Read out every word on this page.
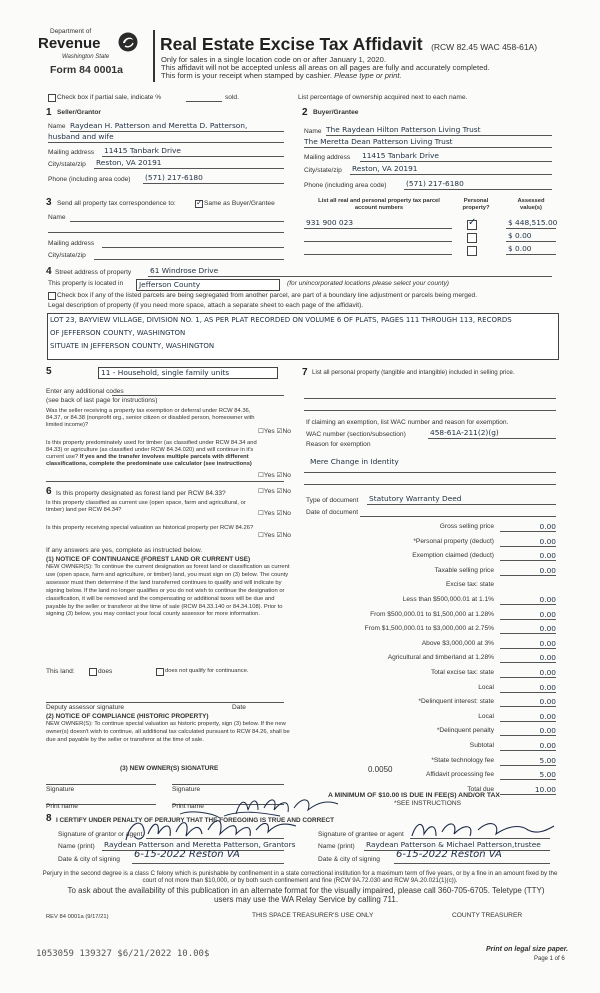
Department of
Revenue
Washington State
Form 84 0001a
Real Estate Excise Tax Affidavit (RCW 82.45 WAC 458-61A)
Only for sales in a single location code on or after January 1, 2020.
This affidavit will not be accepted unless all areas on all pages are fully and accurately completed.
This form is your receipt when stamped by cashier. Please type or print.
Check box if partial sale, indicate %	sold.	List percentage of ownership acquired next to each name.
1 Seller/Grantor
Name Raydean H. Patterson and Meretta D. Patterson,
husband and wife
Mailing address 11415 Tanbark Drive
City/state/zip Reston, VA 20191
Phone (including area code) (571) 217-6180
2 Buyer/Grantee
Name The Raydean Hilton Patterson Living Trust
The Meretta Dean Patterson Living Trust
Mailing address 11415 Tanbark Drive
City/state/zip Reston, VA 20191
Phone (including area code)	(571) 217-6180
3 Send all property tax correspondence to:	✓ Same as Buyer/Grantee
Name
Mailing address
City/state/zip
List all real and personal property tax parcel account numbers
Personal property?
Assessed value(s)
931 900 023	✓	$ 448,515.00
$ 0.00
$ 0.00
4 Street address of property	61 Windrose Drive
This property is located in Jefferson County	(for unincorporated locations please select your county)
Check box if any of the listed parcels are being segregated from another parcel, are part of a boundary line adjustment or parcels being merged.
Legal description of property (if you need more space, attach a separate sheet to each page of the affidavit).
LOT 23, BAYVIEW VILLAGE, DIVISION NO. 1, AS PER PLAT RECORDED ON VOLUME 6 OF PLATS, PAGES 111 THROUGH 113, RECORDS
OF JEFFERSON COUNTY, WASHINGTON
SITUATE IN JEFFERSON COUNTY, WASHINGTON
5	11 - Household, single family units
Enter any additional codes
(see back of last page for instructions)
Was the seller receiving a property tax exemption or deferral under RCW 84.36, 84.37, or 84.38 (nonprofit org., senior citizen or disabled person, homeowner with limited income)?
☐Yes ☑No
Is this property predominately used for timber (as classified under RCW 84.34 and 84.33) or agriculture (as classified under RCW 84.34.020) and will continue in it's current use? If yes and the transfer involves multiple parcels with different classifications, complete the predominate use calculator (see instructions)
☐Yes ☑No
6 Is this property designated as forest land per RCW 84.33?	☐Yes ☑No
Is this property classified as current use (open space, farm and agricultural, or timber) land per RCW 84.34?	☐Yes ☑No
Is this property receiving special valuation as historical property per RCW 84.26?
☐Yes ☑No
If any answers are yes, complete as instructed below.
(1) NOTICE OF CONTINUANCE (FOREST LAND OR CURRENT USE)
NEW OWNER(S): To continue the current designation as forest land or classification as current use (open space, farm and agriculture, or timber) land, you must sign on (3) below. The county assessor must then determine if the land transferred continues to qualify and will indicate by signing below. If the land no longer qualifies or you do not wish to continue the designation or classification, it will be removed and the compensating or additional taxes will be due and payable by the seller or transferor at the time of sale (RCW 84.33.140 or 84.34.108). Prior to signing (3) below, you may contact your local county assessor for more information.
This land:	does	does not qualify for continuance.
Deputy assessor signature	Date
(2) NOTICE OF COMPLIANCE (HISTORIC PROPERTY)
NEW OWNER(S): To continue special valuation as historic property, sign (3) below. If the new owner(s) doesn't wish to continue, all additional tax calculated pursuant to RCW 84.26, shall be due and payable by the seller or transferor at the time of sale.
(3) NEW OWNER(S) SIGNATURE
Signature	Signature
Print name	Print name
7 List all personal property (tangible and intangible) included in selling price.
If claiming an exemption, list WAC number and reason for exemption.
WAC number (section/subsection)	458-61A-211(2)(g)
Reason for exemption
Mere Change in Identity
Type of document Statutory Warranty Deed
Date of document
Gross selling price	0.00
*Personal property (deduct)	0.00
Exemption claimed (deduct)	0.00
Taxable selling price	0.00
Excise tax: state
Less than $500,000.01 at 1.1%	0.00
From $500,000.01 to $1,500,000 at 1.28%	0.00
From $1,500,000.01 to $3,000,000 at 2.75%	0.00
Above $3,000,000 at 3%	0.00
Agricultural and timberland at 1.28%	0.00
Total excise tax: state	0.00
Local	0.00
*Delinquent interest: state	0.00
Local	0.00
*Delinquent penalty	0.00
Subtotal	0.00
*State technology fee	5.00
Affidavit processing fee	5.00
Total due	10.00
0.0050
A MINIMUM OF $10.00 IS DUE IN FEE(S) AND/OR TAX
*SEE INSTRUCTIONS
8 I CERTIFY UNDER PENALTY OF PERJURY THAT THE FOREGOING IS TRUE AND CORRECT
Signature of grantor or agent	Signature of grantee or agent
Name (print) Raydean Patterson and Meretta Patterson, Grantors	Name (print) Raydean Patterson & Michael Patterson,trustee
Date & city of signing 6-15-2022 Reston VA	Date & city of signing 6-15-2022 Reston VA
Perjury in the second degree is a class C felony which is punishable by confinement in a state correctional institution for a maximum term of five years, or by a fine in an amount fixed by the court of not more than $10,000, or by both such confinement and fine (RCW 9A.72.030 and RCW 9A.20.021(1)(c)).
To ask about the availability of this publication in an alternate format for the visually impaired, please call 360-705-6705. Teletype (TTY) users may use the WA Relay Service by calling 711.
REV 84 0001a (9/17/21)	THIS SPACE TREASURER'S USE ONLY	COUNTY TREASURER
1053059 139327 $6/21/2022 10.00$	Print on legal size paper.
Page 1 of 6
